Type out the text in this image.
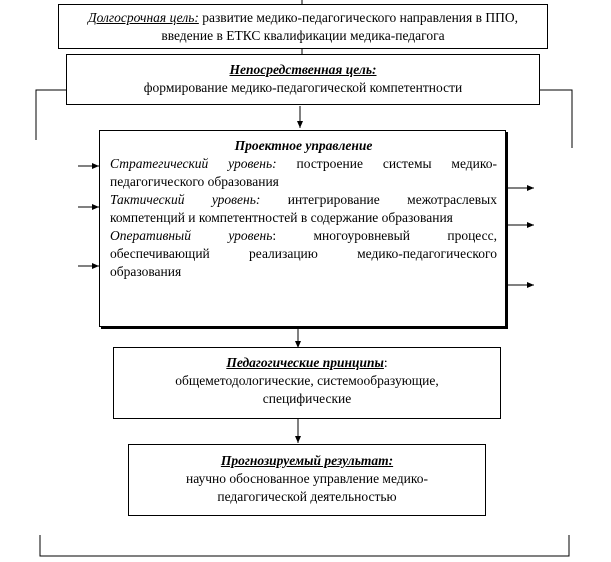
Долгосрочная цель: развитие медико-педагогического направления в ППО, введение в ЕТКС квалификации медика-педагога
Непосредственная цель:
формирование медико-педагогической компетентности
Проектное управление
Стратегический уровень: построение системы медико-педагогического образования
Тактический уровень: интегрирование межотраслевых компетенций и компетентностей в содержание образования
Оперативный уровень: многоуровневый процесс, обеспечивающий реализацию медико-педагогического образования
Педагогические принципы:
общеметодологические, системообразующие, специфические
Прогнозируемый результат:
научно обоснованное управление медико-педагогической деятельностью
